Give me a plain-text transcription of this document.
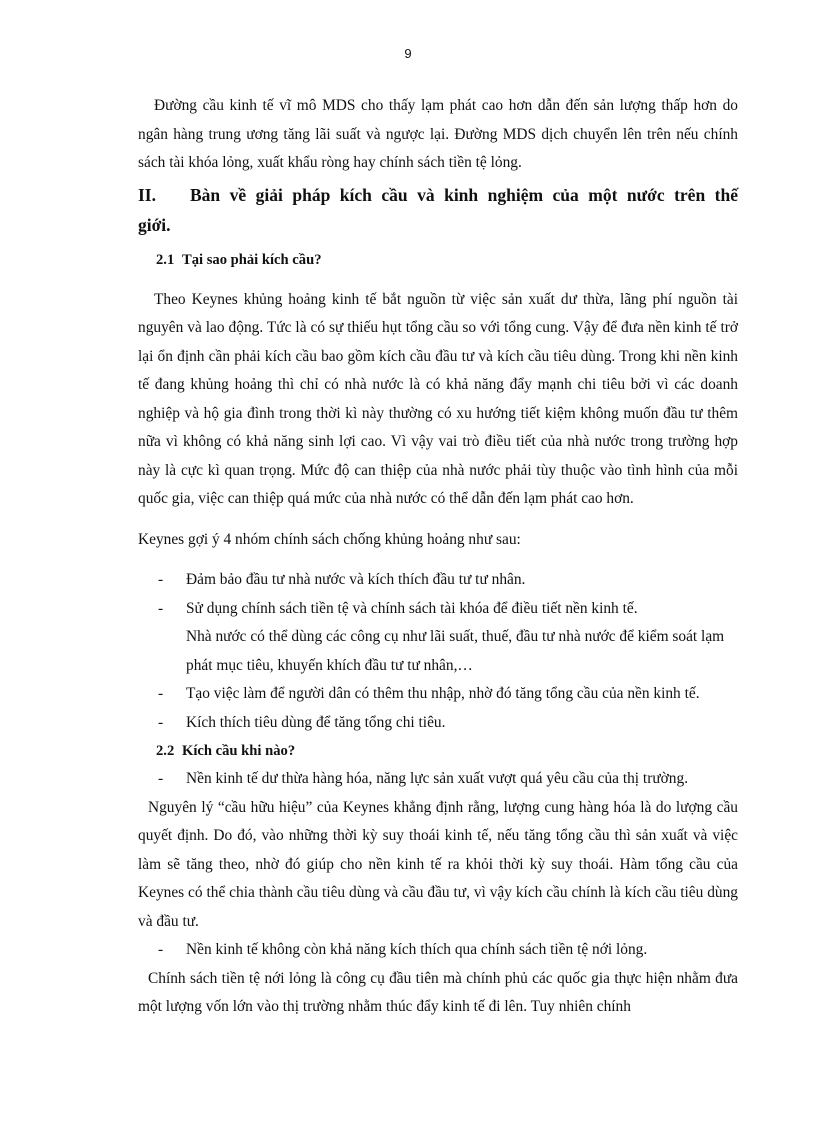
9

Đường cầu kinh tế vĩ mô MDS cho thấy lạm phát cao hơn dẫn đến sản lượng thấp hơn do ngân hàng trung ương tăng lãi suất và ngược lại. Đường MDS dịch chuyển lên trên nếu chính sách tài khóa lỏng, xuất khẩu ròng hay chính sách tiền tệ lỏng.

II. Bàn về giải pháp kích cầu và kinh nghiệm của một nước trên thế giới.
2.1 Tại sao phải kích cầu?

Theo Keynes khủng hoảng kinh tế bắt nguồn từ việc sản xuất dư thừa, lãng phí nguồn tài nguyên và lao động. Tức là có sự thiếu hụt tổng cầu so với tổng cung. Vậy để đưa nền kinh tế trở lại ổn định cần phải kích cầu bao gồm kích cầu đầu tư và kích cầu tiêu dùng. Trong khi nền kinh tế đang khủng hoảng thì chỉ có nhà nước là có khả năng đẩy mạnh chi tiêu bởi vì các doanh nghiệp và hộ gia đình trong thời kì này thường có xu hướng tiết kiệm không muốn đầu tư thêm nữa vì không có khả năng sinh lợi cao. Vì vậy vai trò điều tiết của nhà nước trong trường hợp này là cực kì quan trọng. Mức độ can thiệp của nhà nước phải tùy thuộc vào tình hình của mỗi quốc gia, việc can thiệp quá mức của nhà nước có thể dẫn đến lạm phát cao hơn.

Keynes gợi ý 4 nhóm chính sách chống khủng hoảng như sau:

- Đảm bảo đầu tư nhà nước và kích thích đầu tư tư nhân.
- Sử dụng chính sách tiền tệ và chính sách tài khóa để điều tiết nền kinh tế.

Nhà nước có thể dùng các công cụ như lãi suất, thuế, đầu tư nhà nước để kiểm soát lạm phát mục tiêu, khuyến khích đầu tư tư nhân,…

- Tạo việc làm để người dân có thêm thu nhập, nhờ đó tăng tổng cầu của nền kinh tế.
- Kích thích tiêu dùng để tăng tổng chi tiêu.
2.2 Kích cầu khi nào?
- Nền kinh tế dư thừa hàng hóa, năng lực sản xuất vượt quá yêu cầu của thị trường.

Nguyên lý “cầu hữu hiệu” của Keynes khẳng định rằng, lượng cung hàng hóa là do lượng cầu quyết định. Do đó, vào những thời kỳ suy thoái kinh tế, nếu tăng tổng cầu thì sản xuất và việc làm sẽ tăng theo, nhờ đó giúp cho nền kinh tế ra khỏi thời kỳ suy thoái. Hàm tổng cầu của Keynes có thể chia thành cầu tiêu dùng và cầu đầu tư, vì vậy kích cầu chính là kích cầu tiêu dùng và đầu tư.

- Nền kinh tế không còn khả năng kích thích qua chính sách tiền tệ nới lỏng.

Chính sách tiền tệ nới lỏng là công cụ đầu tiên mà chính phủ các quốc gia thực hiện nhằm đưa một lượng vốn lớn vào thị trường nhằm thúc đẩy kinh tế đi lên. Tuy nhiên chính
